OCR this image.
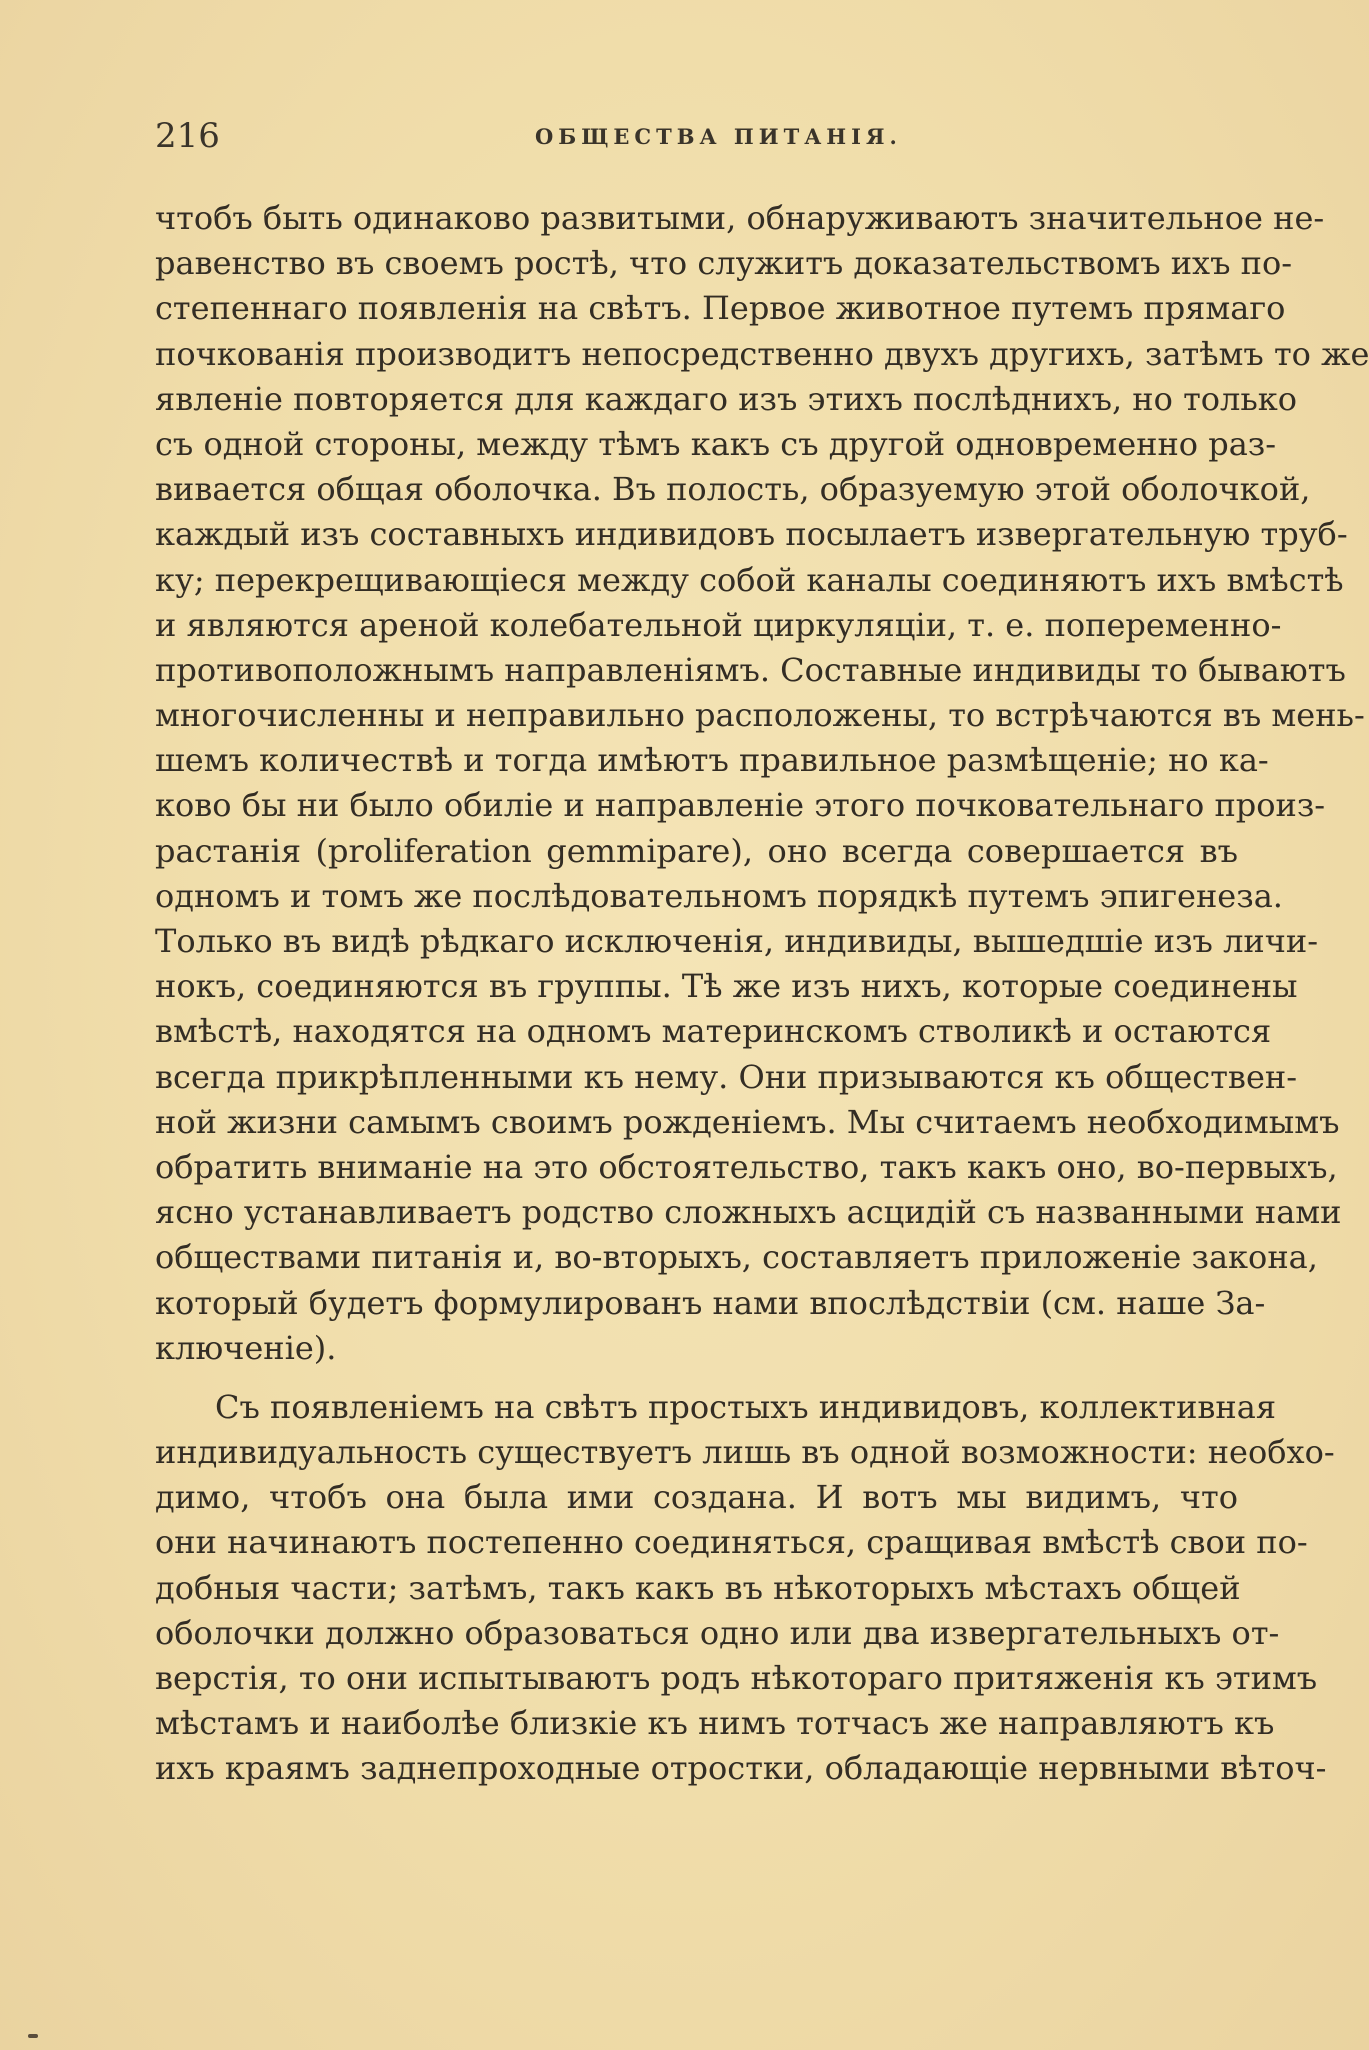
216	ОБЩЕСТВА ПИТАНІЯ.
чтобъ быть одинаково развитыми, обнаруживаютъ значительное не-
равенство въ своемъ ростѣ, что служитъ доказательствомъ ихъ по-
степеннаго появленія на свѣтъ. Первое животное путемъ прямаго
почкованія производитъ непосредственно двухъ другихъ, затѣмъ то же
явленіе повторяется для каждаго изъ этихъ послѣднихъ, но только
съ одной стороны, между тѣмъ какъ съ другой одновременно раз-
вивается общая оболочка. Въ полость, образуемую этой оболочкой,
каждый изъ составныхъ индивидовъ посылаетъ извергательную труб-
ку; перекрещивающіеся между собой каналы соединяютъ ихъ вмѣстѣ
и являются ареной колебательной циркуляціи, т. е. попеременно-
противоположнымъ направленіямъ. Составные индивиды то бываютъ
многочисленны и неправильно расположены, то встрѣчаются въ мень-
шемъ количествѣ и тогда имѣютъ правильное размѣщеніе; но ка-
ково бы ни было обиліе и направленіе этого почковательнаго произ-
растанія (proliferation gemmipare), оно всегда совершается въ
одномъ и томъ же послѣдовательномъ порядкѣ путемъ эпигенеза.
Только въ видѣ рѣдкаго исключенія, индивиды, вышедшіе изъ личи-
нокъ, соединяются въ группы. Тѣ же изъ нихъ, которые соединены
вмѣстѣ, находятся на одномъ материнскомъ стволикѣ и остаются
всегда прикрѣпленными къ нему. Они призываются къ обществен-
ной жизни самымъ своимъ рожденіемъ. Мы считаемъ необходимымъ
обратить вниманіе на это обстоятельство, такъ какъ оно, во-первыхъ,
ясно устанавливаетъ родство сложныхъ асцидій съ названными нами
обществами питанія и, во-вторыхъ, составляетъ приложеніе закона,
который будетъ формулированъ нами впослѣдствіи (см. наше За-
ключеніе).
Съ появленіемъ на свѣтъ простыхъ индивидовъ, коллективная
индивидуальность существуетъ лишь въ одной возможности: необхо-
димо, чтобъ она была ими создана. И вотъ мы видимъ, что
они начинаютъ постепенно соединяться, сращивая вмѣстѣ свои по-
добныя части; затѣмъ, такъ какъ въ нѣкоторыхъ мѣстахъ общей
оболочки должно образоваться одно или два извергательныхъ от-
верстія, то они испытываютъ родъ нѣкотораго притяженія къ этимъ
мѣстамъ и наиболѣе близкіе къ нимъ тотчасъ же направляютъ къ
ихъ краямъ заднепроходные отростки, обладающіе нервными вѣточ-
